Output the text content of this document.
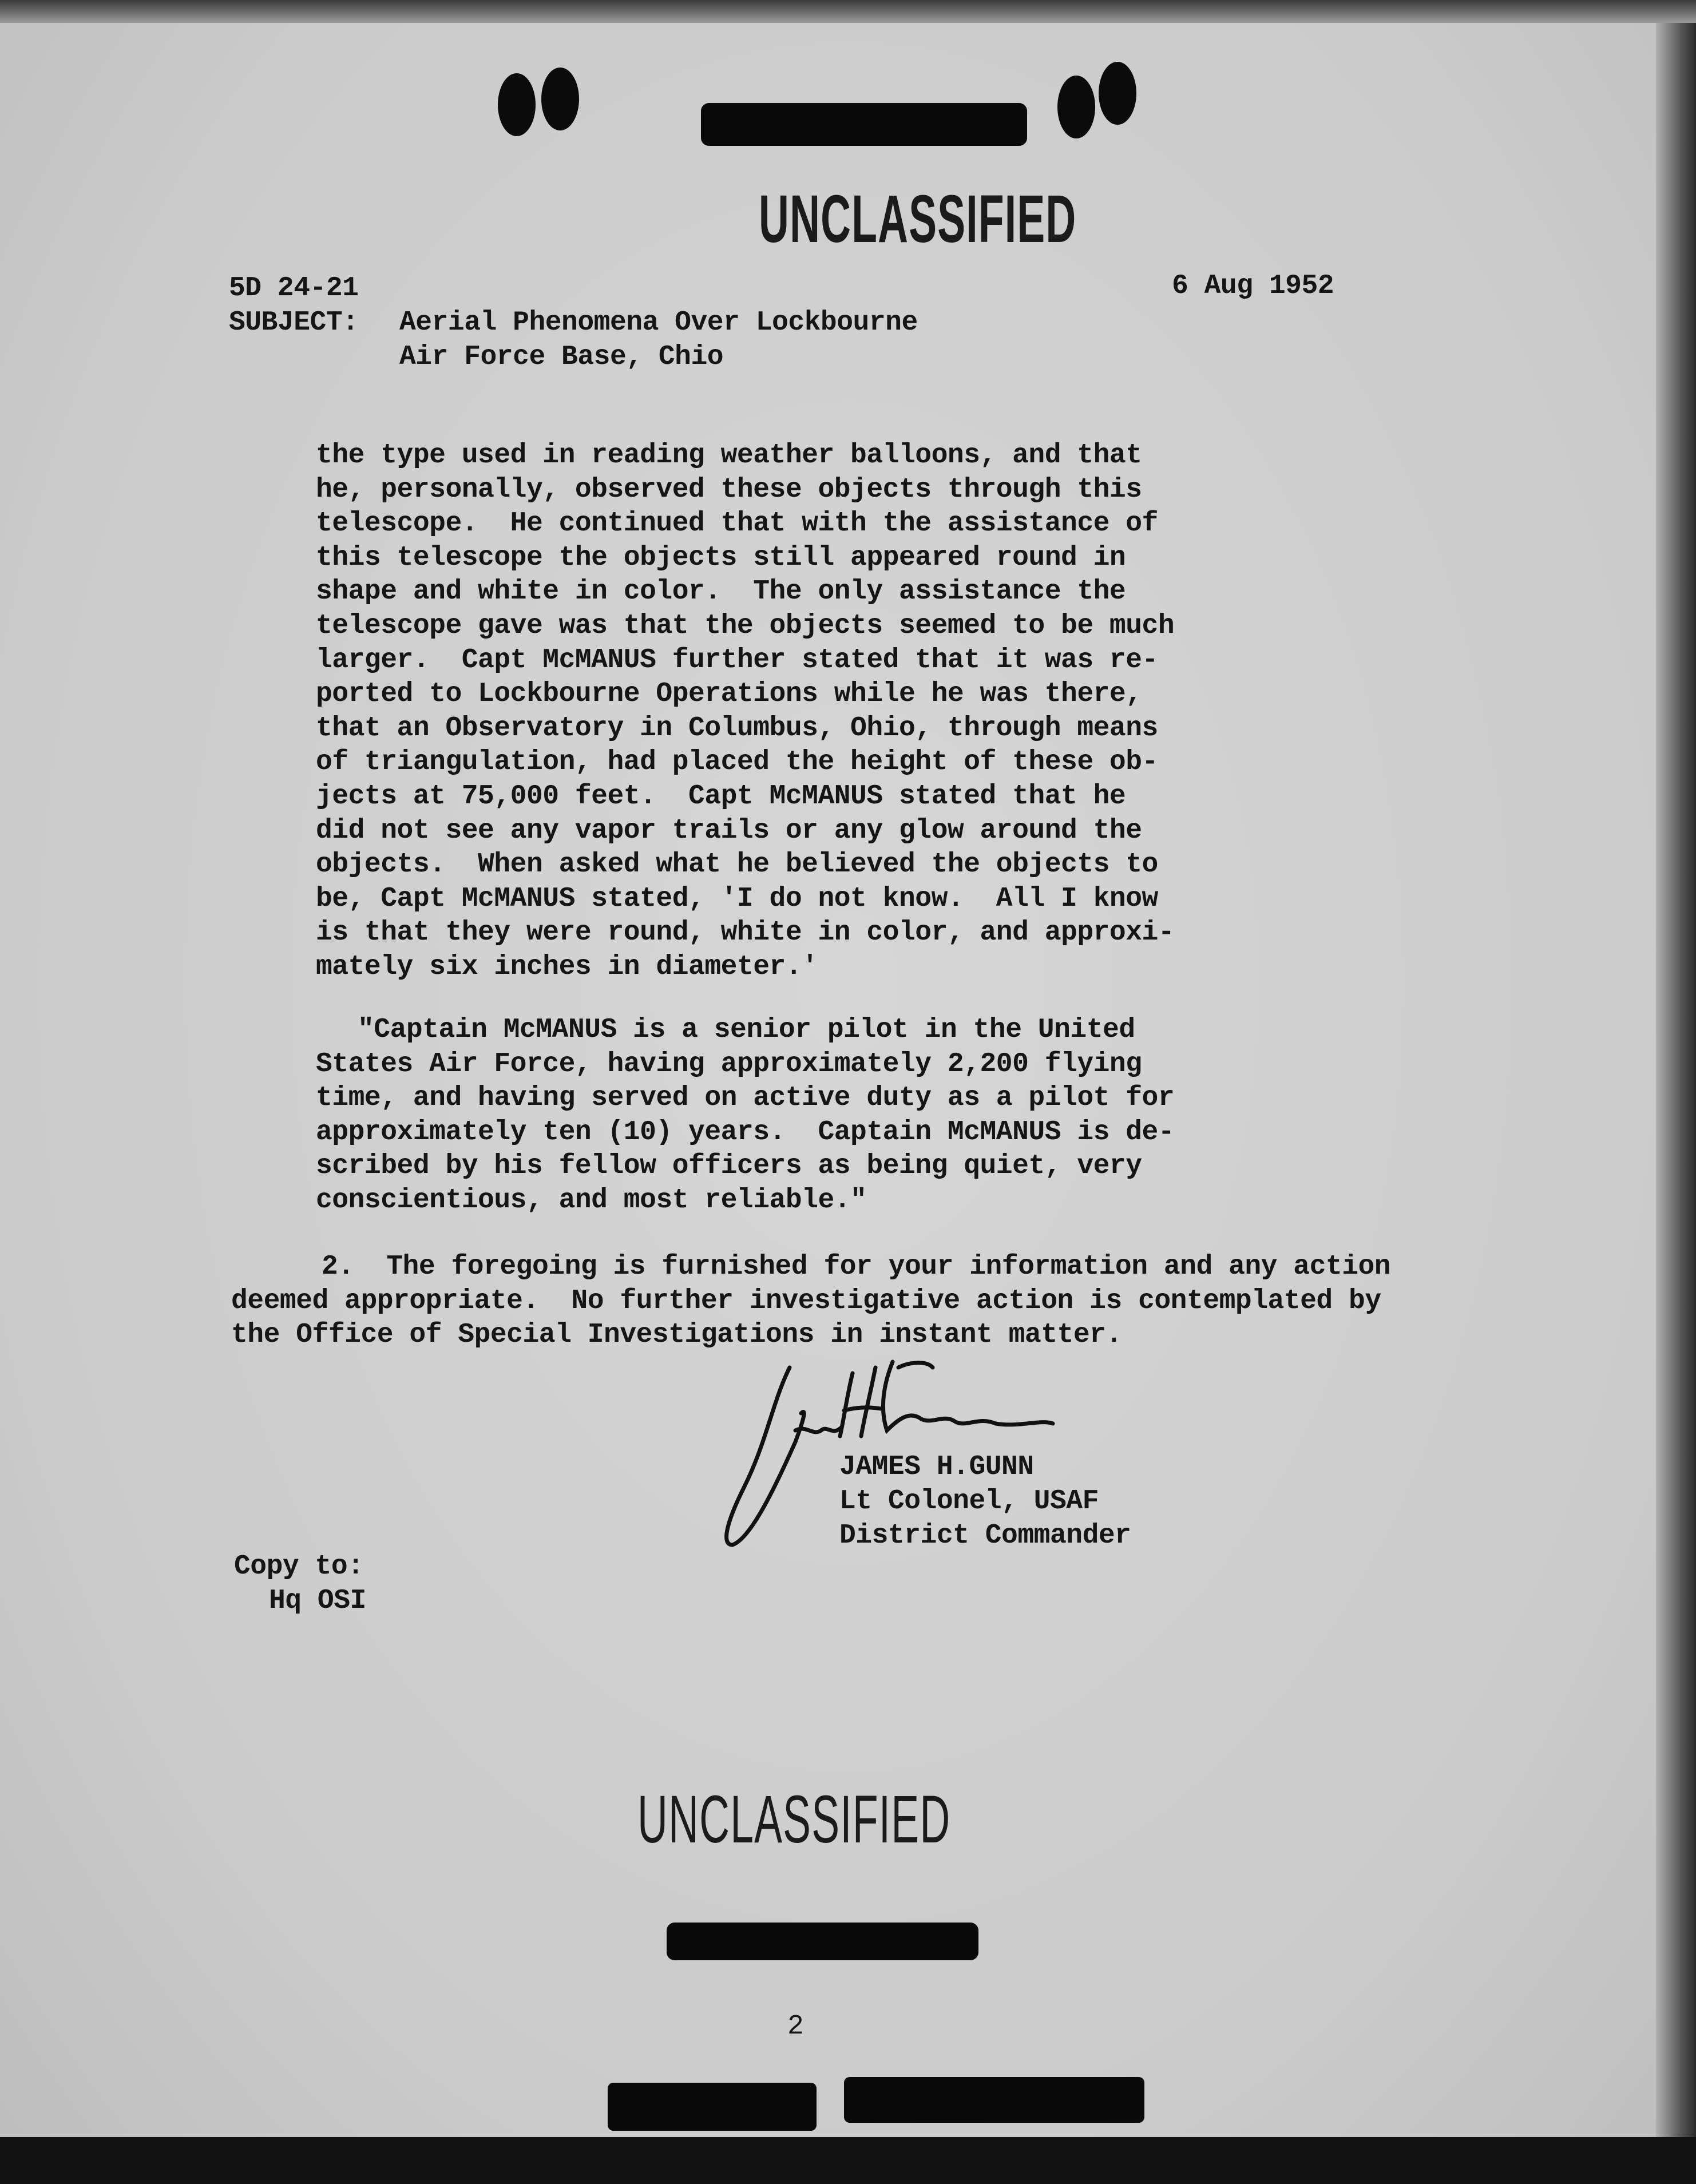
UNCLASSIFIED
5D 24-21	6 Aug 1952
SUBJECT: Aerial Phenomena Over Lockbourne
Air Force Base, Chio
the type used in reading weather balloons, and that
he, personally, observed these objects through this
telescope.  He continued that with the assistance of
this telescope the objects still appeared round in
shape and white in color.  The only assistance the
telescope gave was that the objects seemed to be much
larger.  Capt McMANUS further stated that it was re-
ported to Lockbourne Operations while he was there,
that an Observatory in Columbus, Ohio, through means
of triangulation, had placed the height of these ob-
jects at 75,000 feet.  Capt McMANUS stated that he
did not see any vapor trails or any glow around the
objects.  When asked what he believed the objects to
be, Capt McMANUS stated, 'I do not know.  All I know
is that they were round, white in color, and approxi-
mately six inches in diameter.'
"Captain McMANUS is a senior pilot in the United
States Air Force, having approximately 2,200 flying
time, and having served on active duty as a pilot for
approximately ten (10) years.  Captain McMANUS is de-
scribed by his fellow officers as being quiet, very
conscientious, and most reliable."
2.  The foregoing is furnished for your information and any action
deemed appropriate.  No further investigative action is contemplated by
the Office of Special Investigations in instant matter.
JAMES H.GUNN
Lt Colonel, USAF
District Commander
Copy to:
Hq OSI
UNCLASSIFIED
2
